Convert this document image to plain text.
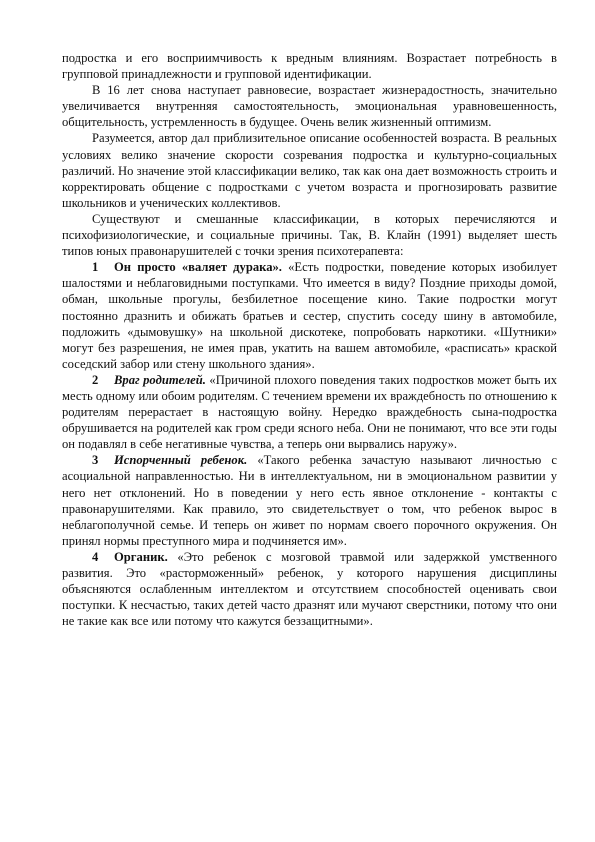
подростка и его восприимчивость к вредным влияниям. Возрастает потребность в групповой принадлежности и групповой идентификации.

В 16 лет снова наступает равновесие, возрастает жизнерадостность, значительно увеличивается внутренняя самостоятельность, эмоциональная уравновешенность, общительность, устремленность в будущее. Очень велик жизненный оптимизм.

Разумеется, автор дал приблизительное описание особенностей возраста. В реальных условиях велико значение скорости созревания подростка и культурно-социальных различий. Но значение этой классификации велико, так как она дает возможность строить и корректировать общение с подростками с учетом возраста и прогнозировать развитие школьников и ученических коллективов.

Существуют и смешанные классификации, в которых перечисляются и психофизиологические, и социальные причины. Так, В. Клайн (1991) выделяет шесть типов юных правонарушителей с точки зрения психотерапевта:

1 Он просто «валяет дурака». «Есть подростки, поведение которых изобилует шалостями и неблаговидными поступками. Что имеется в виду? Поздние приходы домой, обман, школьные прогулы, безбилетное посещение кино. Такие подростки могут постоянно дразнить и обижать братьев и сестер, спустить соседу шину в автомобиле, подложить «дымовушку» на школьной дискотеке, попробовать наркотики. «Шутники» могут без разрешения, не имея прав, укатить на вашем автомобиле, «расписать» краской соседский забор или стену школьного здания».

2 Враг родителей. «Причиной плохого поведения таких подростков может быть их месть одному или обоим родителям. С течением времени их враждебность по отношению к родителям перерастает в настоящую войну. Нередко враждебность сына-подростка обрушивается на родителей как гром среди ясного неба. Они не понимают, что все эти годы он подавлял в себе негативные чувства, а теперь они вырвались наружу».

3 Испорченный ребенок. «Такого ребенка зачастую называют личностью с асоциальной направленностью. Ни в интеллектуальном, ни в эмоциональном развитии у него нет отклонений. Но в поведении у него есть явное отклонение - контакты с правонарушителями. Как правило, это свидетельствует о том, что ребенок вырос в неблагополучной семье. И теперь он живет по нормам своего порочного окружения. Он принял нормы преступного мира и подчиняется им».

4 Органик. «Это ребенок с мозговой травмой или задержкой умственного развития. Это «расторможенный» ребенок, у которого нарушения дисциплины объясняются ослабленным интеллектом и отсутствием способностей оценивать свои поступки. К несчастью, таких детей часто дразнят или мучают сверстники, потому что они не такие как все или потому что кажутся беззащитными».
